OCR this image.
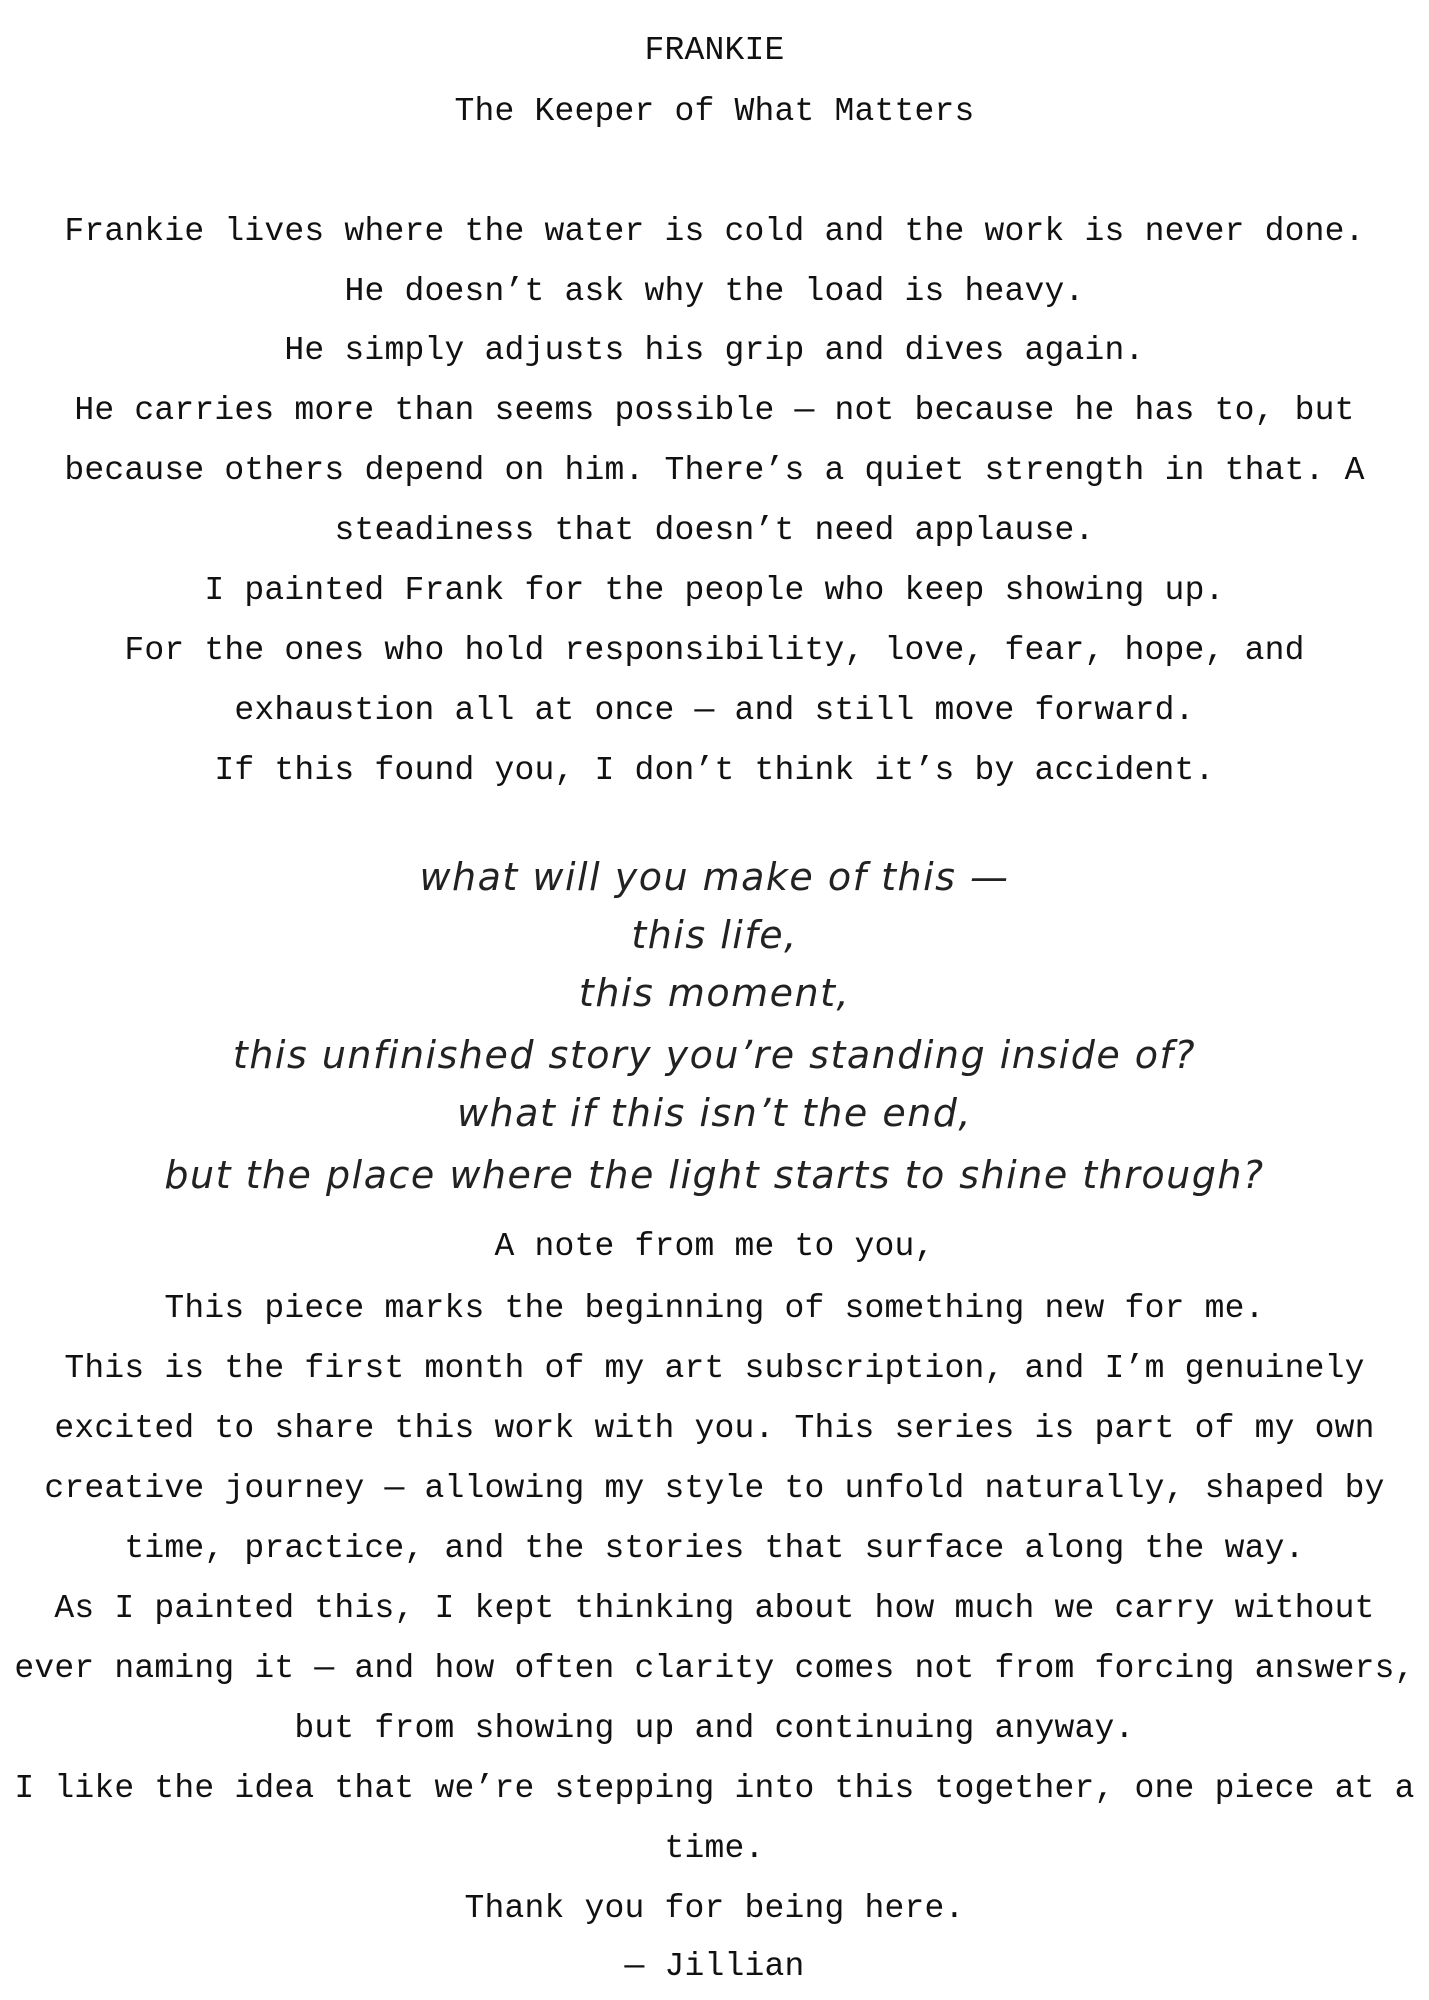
FRANKIE
The Keeper of What Matters
Frankie lives where the water is cold and the work is never done.
He doesn’t ask why the load is heavy.
He simply adjusts his grip and dives again.
He carries more than seems possible — not because he has to, but
because others depend on him. There’s a quiet strength in that. A
steadiness that doesn’t need applause.
I painted Frank for the people who keep showing up.
For the ones who hold responsibility, love, fear, hope, and
exhaustion all at once — and still move forward.
If this found you, I don’t think it’s by accident.
what will you make of this —
this life,
this moment,
this unfinished story you’re standing inside of?
what if this isn’t the end,
but the place where the light starts to shine through?
A note from me to you,
This piece marks the beginning of something new for me.
This is the first month of my art subscription, and I’m genuinely
excited to share this work with you. This series is part of my own
creative journey — allowing my style to unfold naturally, shaped by
time, practice, and the stories that surface along the way.
As I painted this, I kept thinking about how much we carry without
ever naming it — and how often clarity comes not from forcing answers,
but from showing up and continuing anyway.
I like the idea that we’re stepping into this together, one piece at a
time.
Thank you for being here.
— Jillian
